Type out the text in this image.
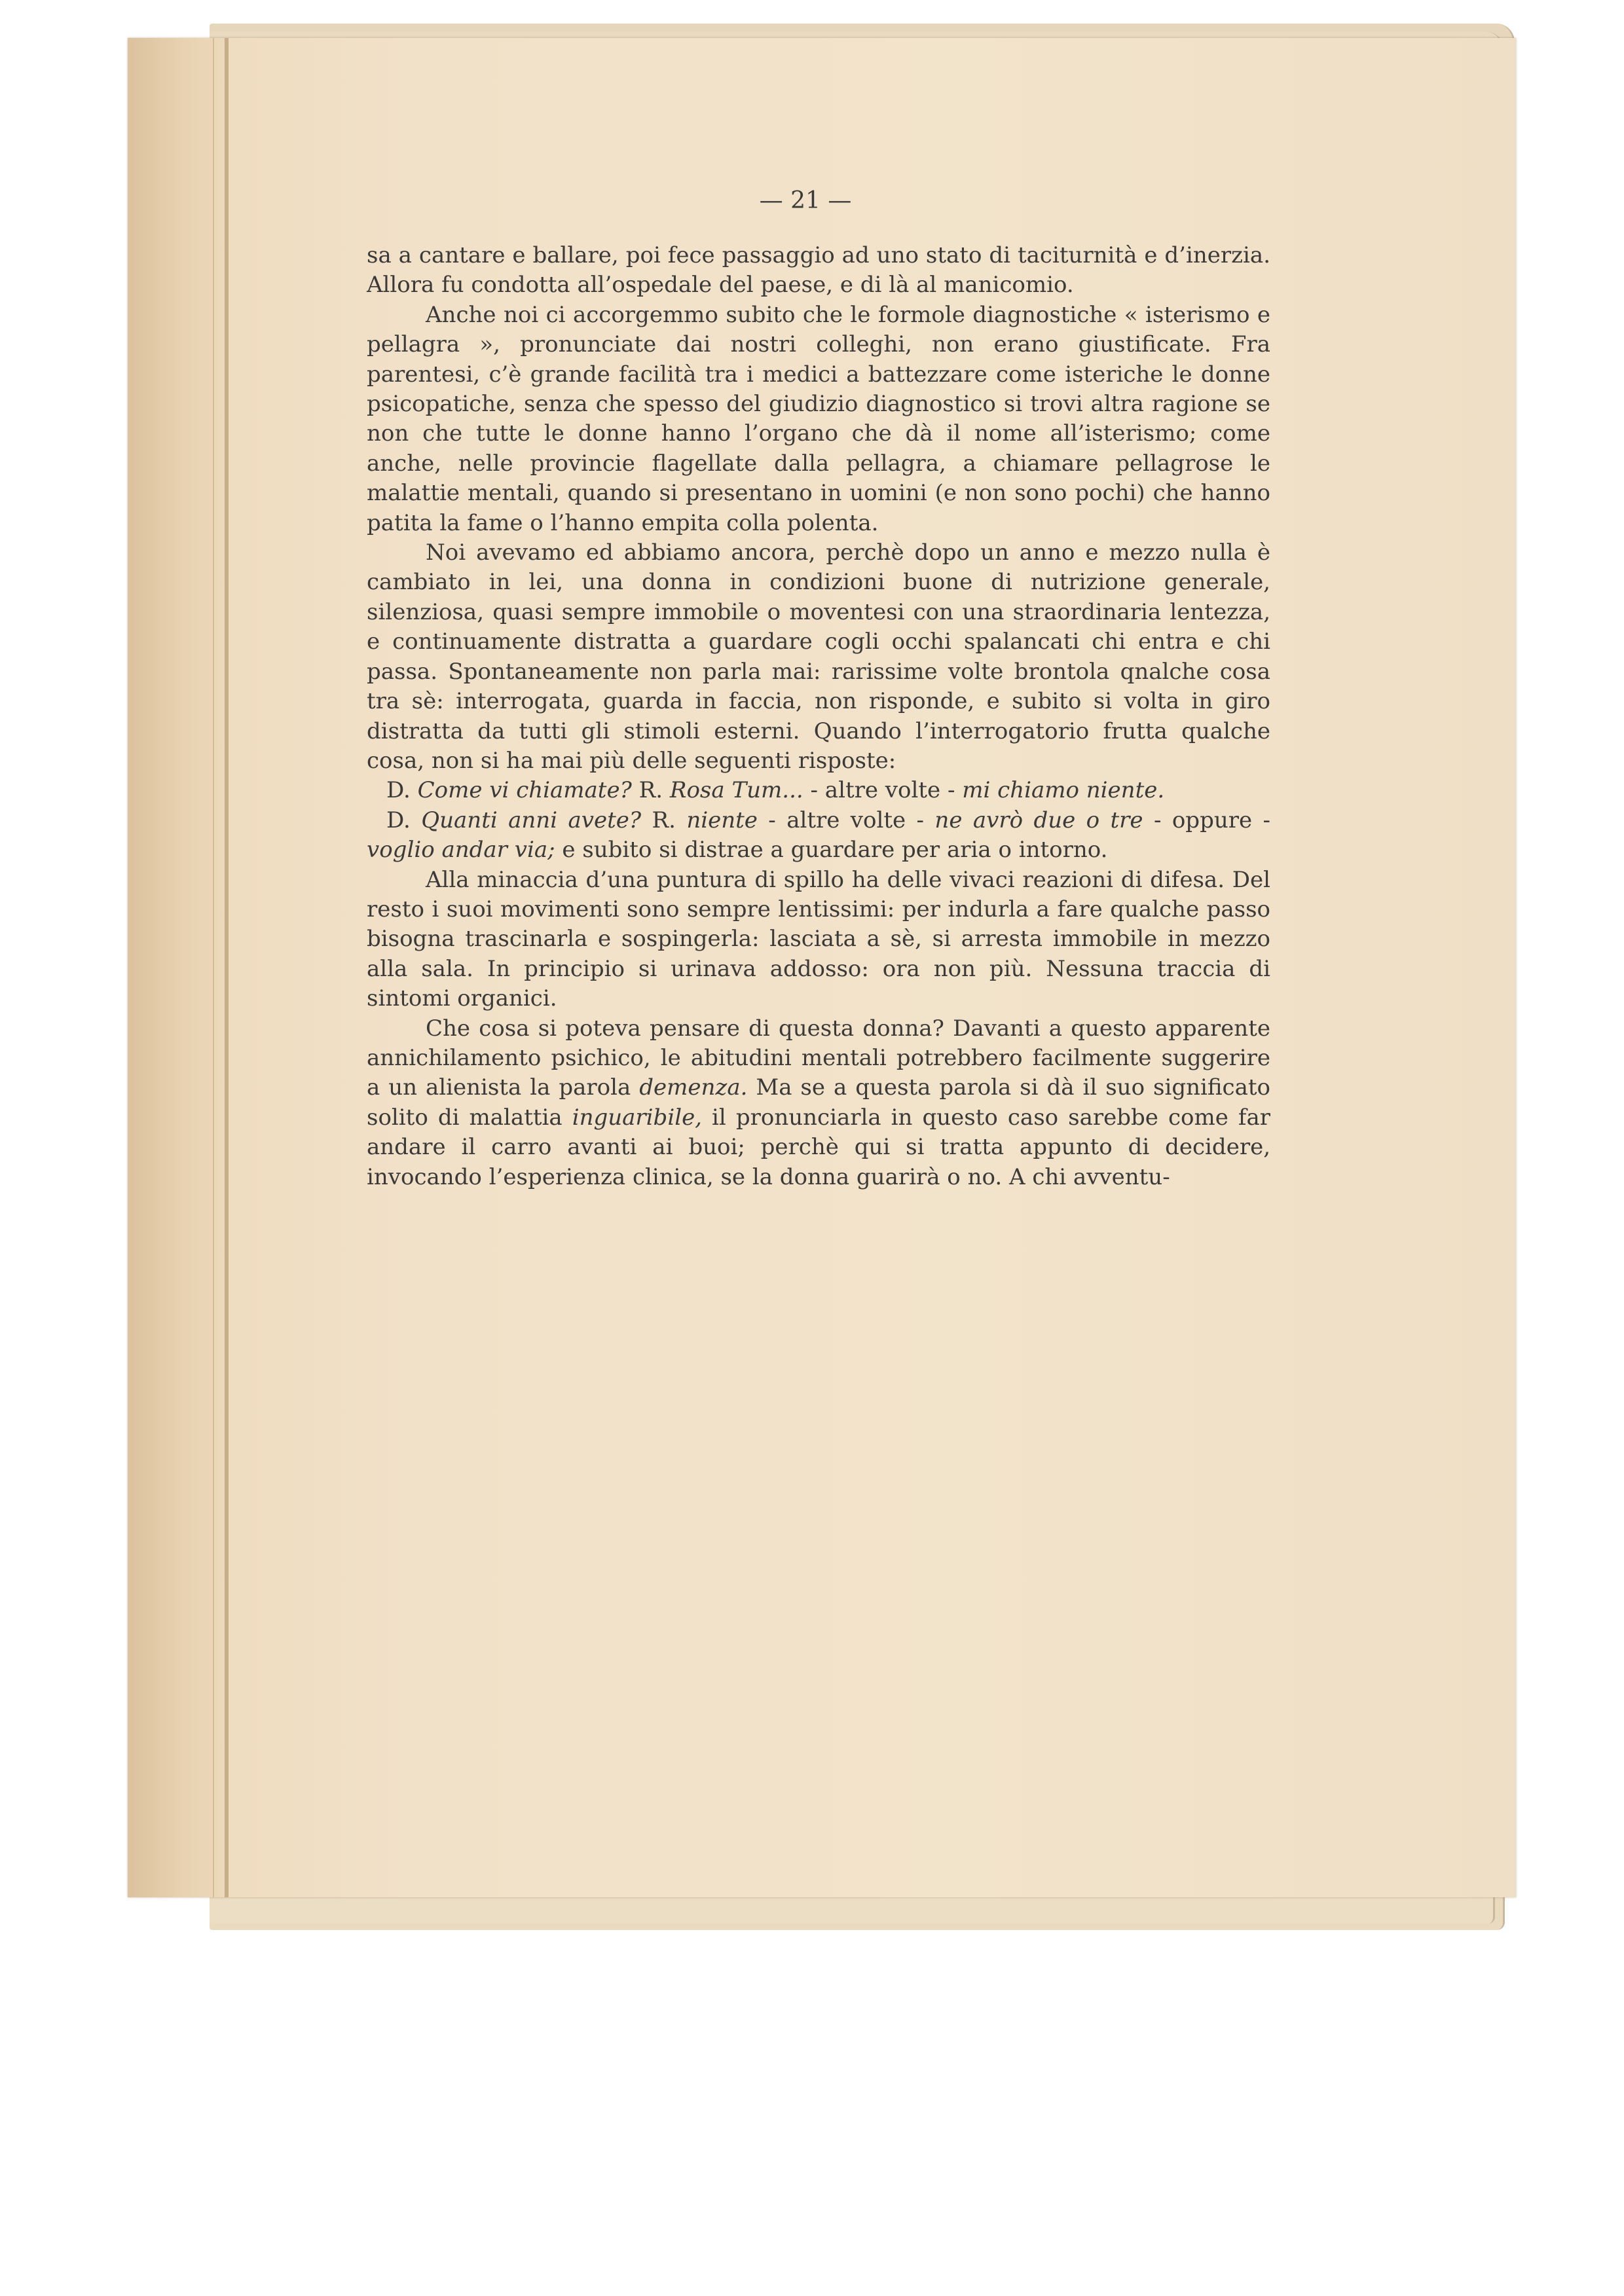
— 21 —

sa a cantare e ballare, poi fece passaggio ad uno stato di taciturnità e d’inerzia. Allora fu condotta all’ospedale del paese, e di là al manicomio.

Anche noi ci accorgemmo subito che le formole diagnostiche « isterismo e pellagra », pronunciate dai nostri colleghi, non erano giustificate. Fra parentesi, c’è grande facilità tra i medici a battezzare come isteriche le donne psicopatiche, senza che spesso del giudizio diagnostico si trovi altra ragione se non che tutte le donne hanno l’organo che dà il nome all’isterismo; come anche, nelle provincie flagellate dalla pellagra, a chiamare pellagrose le malattie mentali, quando si presentano in uomini (e non sono pochi) che hanno patita la fame o l’hanno empita colla polenta.

Noi avevamo ed abbiamo ancora, perchè dopo un anno e mezzo nulla è cambiato in lei, una donna in condizioni buone di nutrizione generale, silenziosa, quasi sempre immobile o moventesi con una straordinaria lentezza, e continuamente distratta a guardare cogli occhi spalancati chi entra e chi passa. Spontaneamente non parla mai: rarissime volte brontola qnalche cosa tra sè: interrogata, guarda in faccia, non risponde, e subito si volta in giro distratta da tutti gli stimoli esterni. Quando l’interrogatorio frutta qualche cosa, non si ha mai più delle seguenti risposte:

D. Come vi chiamate? R. Rosa Tum... - altre volte - mi chiamo niente.

D. Quanti anni avete? R. niente - altre volte - ne avrò due o tre - oppure - voglio andar via; e subito si distrae a guardare per aria o intorno.

Alla minaccia d’una puntura di spillo ha delle vivaci reazioni di difesa. Del resto i suoi movimenti sono sempre lentissimi: per indurla a fare qualche passo bisogna trascinarla e sospingerla: lasciata a sè, si arresta immobile in mezzo alla sala. In principio si urinava addosso: ora non più. Nessuna traccia di sintomi organici.

Che cosa si poteva pensare di questa donna? Davanti a questo apparente annichilamento psichico, le abitudini mentali potrebbero facilmente suggerire a un alienista la parola demenza. Ma se a questa parola si dà il suo significato solito di malattia inguaribile, il pronunciarla in questo caso sarebbe come far andare il carro avanti ai buoi; perchè qui si tratta appunto di decidere, invocando l’esperienza clinica, se la donna guarirà o no. A chi avventu-
